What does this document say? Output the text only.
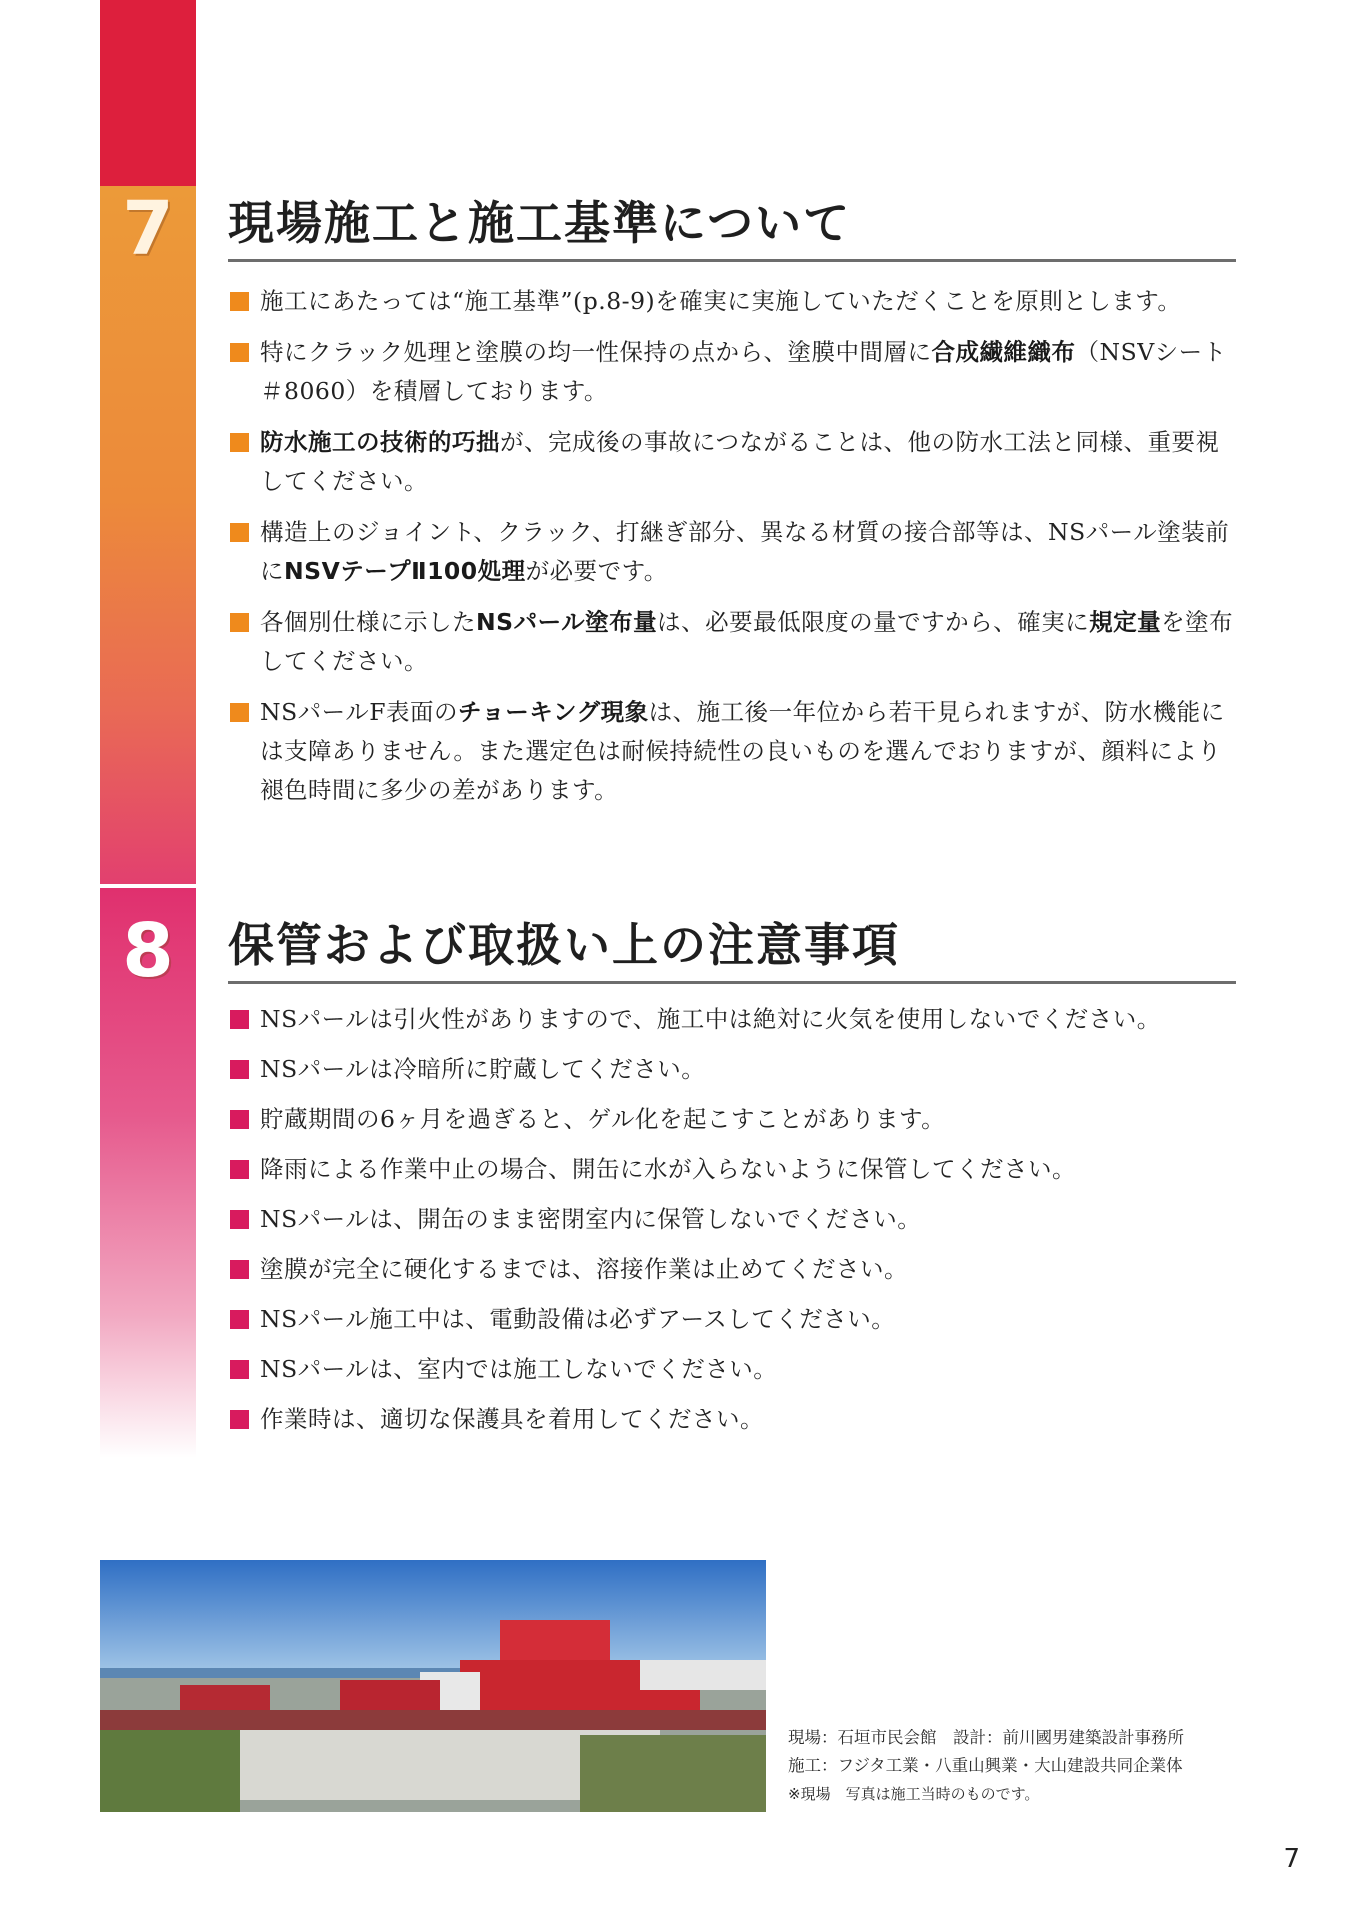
7	現場施工と施工基準について
施工にあたっては“施工基準”(p.8-9)を確実に実施していただくことを原則とします。
特にクラック処理と塗膜の均一性保持の点から、塗膜中間層に合成繊維織布（NSVシート＃8060）を積層しております。
防水施工の技術的巧拙が、完成後の事故につながることは、他の防水工法と同様、重要視してください。
構造上のジョイント、クラック、打継ぎ部分、異なる材質の接合部等は、NSパール塗装前にNSVテープⅡ100処理が必要です。
各個別仕様に示したNSパール塗布量は、必要最低限度の量ですから、確実に規定量を塗布してください。
NSパールF表面のチョーキング現象は、施工後一年位から若干見られますが、防水機能には支障ありません。また選定色は耐候持続性の良いものを選んでおりますが、顔料により褪色時間に多少の差があります。
8	保管および取扱い上の注意事項
NSパールは引火性がありますので、施工中は絶対に火気を使用しないでください。
NSパールは冷暗所に貯蔵してください。
貯蔵期間の6ヶ月を過ぎると、ゲル化を起こすことがあります。
降雨による作業中止の場合、開缶に水が入らないように保管してください。
NSパールは、開缶のまま密閉室内に保管しないでください。
塗膜が完全に硬化するまでは、溶接作業は止めてください。
NSパール施工中は、電動設備は必ずアースしてください。
NSパールは、室内では施工しないでください。
作業時は、適切な保護具を着用してください。
現場：石垣市民会館　設計：前川國男建築設計事務所
施工：フジタ工業・八重山興業・大山建設共同企業体
※現場　写真は施工当時のものです。
7
